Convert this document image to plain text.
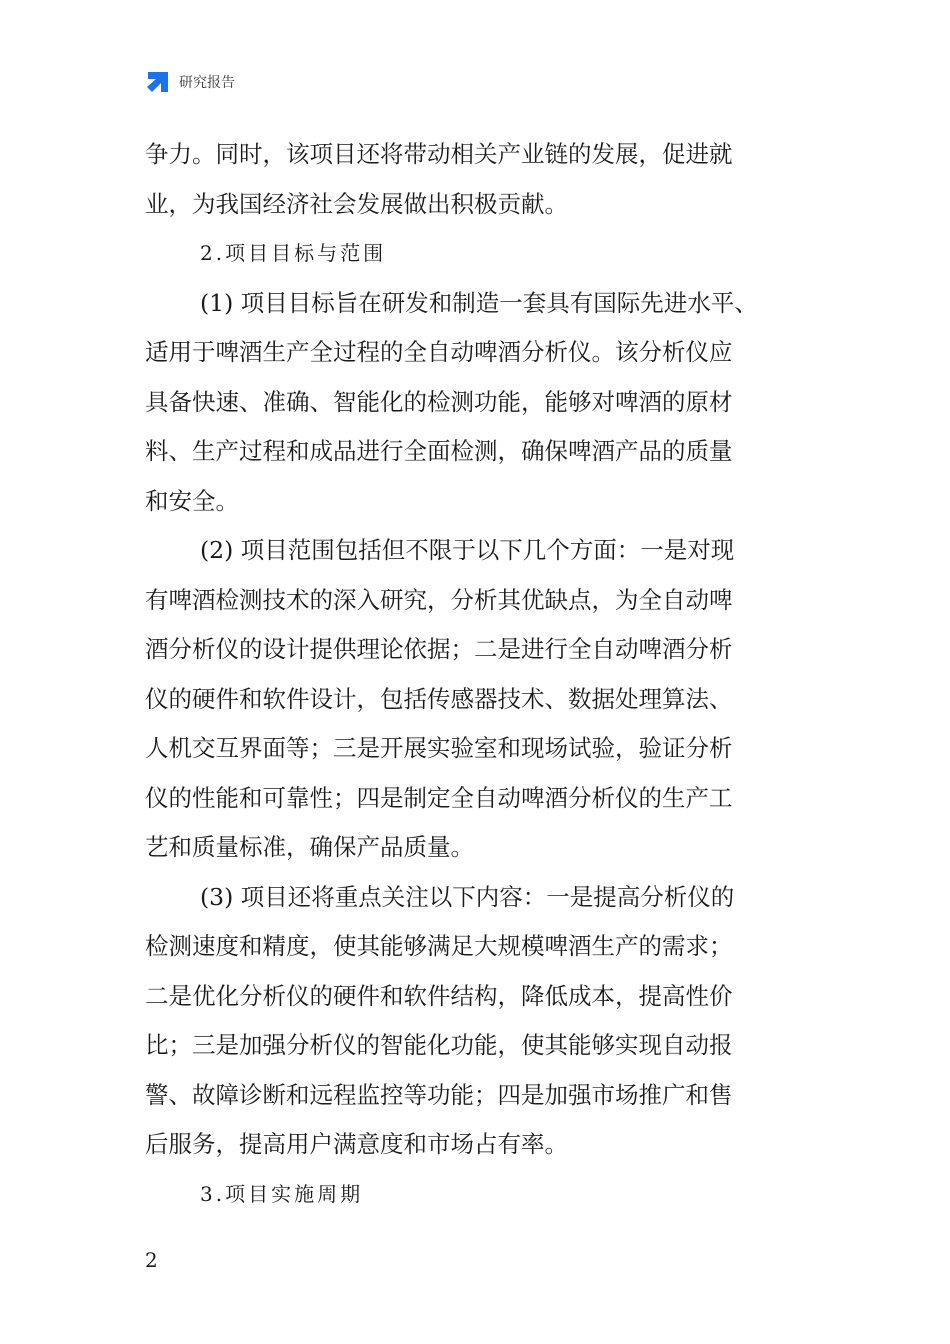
研究报告
争力。同时，该项目还将带动相关产业链的发展，促进就
业，为我国经济社会发展做出积极贡献。
2.项目目标与范围
(1) 项目目标旨在研发和制造一套具有国际先进水平、
适用于啤酒生产全过程的全自动啤酒分析仪。该分析仪应
具备快速、准确、智能化的检测功能，能够对啤酒的原材
料、生产过程和成品进行全面检测，确保啤酒产品的质量
和安全。
(2) 项目范围包括但不限于以下几个方面：一是对现
有啤酒检测技术的深入研究，分析其优缺点，为全自动啤
酒分析仪的设计提供理论依据；二是进行全自动啤酒分析
仪的硬件和软件设计，包括传感器技术、数据处理算法、
人机交互界面等；三是开展实验室和现场试验，验证分析
仪的性能和可靠性；四是制定全自动啤酒分析仪的生产工
艺和质量标准，确保产品质量。
(3) 项目还将重点关注以下内容：一是提高分析仪的
检测速度和精度，使其能够满足大规模啤酒生产的需求；
二是优化分析仪的硬件和软件结构，降低成本，提高性价
比；三是加强分析仪的智能化功能，使其能够实现自动报
警、故障诊断和远程监控等功能；四是加强市场推广和售
后服务，提高用户满意度和市场占有率。
3.项目实施周期
2
